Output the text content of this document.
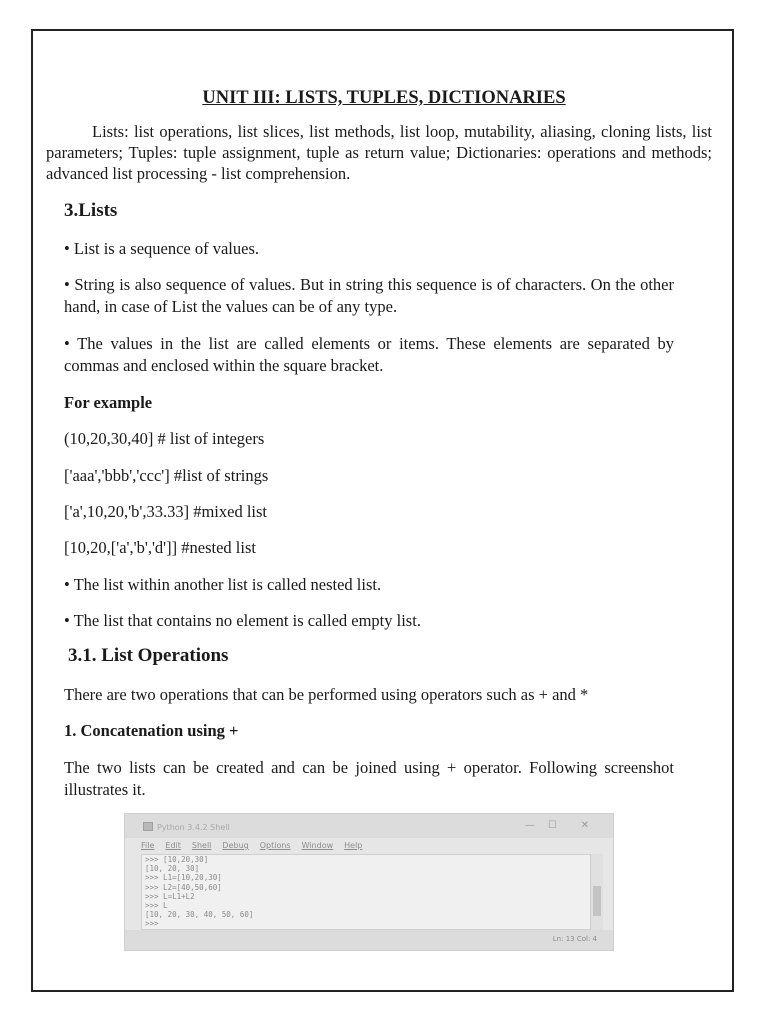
UNIT III: LISTS, TUPLES, DICTIONARIES
Lists: list operations, list slices, list methods, list loop, mutability, aliasing, cloning lists, list parameters; Tuples: tuple assignment, tuple as return value; Dictionaries: operations and methods; advanced list processing - list comprehension.
3.Lists
• List is a sequence of values.
• String is also sequence of values. But in string this sequence is of characters. On the other hand, in case of List the values can be of any type.
• The values in the list are called elements or items. These elements are separated by commas and enclosed within the square bracket.
For example
(10,20,30,40] # list of integers
['aaa','bbb','ccc'] #list of strings
['a',10,20,'b',33.33] #mixed list
[10,20,['a','b','d']] #nested list
• The list within another list is called nested list.
• The list that contains no element is called empty list.
3.1. List Operations
There are two operations that can be performed using operators such as + and *
1. Concatenation using +
The two lists can be created and can be joined using + operator. Following screenshot illustrates it.
Python 3.4.2 Shell	— ☐ ✕
File Edit Shell Debug Options Window Help
>>> [10,20,30]
[10, 20, 30]
>>> L1=[10,20,30]
>>> L2=[40,50,60]
>>> L=L1+L2
>>> L
[10, 20, 30, 40, 50, 60]
>>>
Ln: 13 Col: 4
